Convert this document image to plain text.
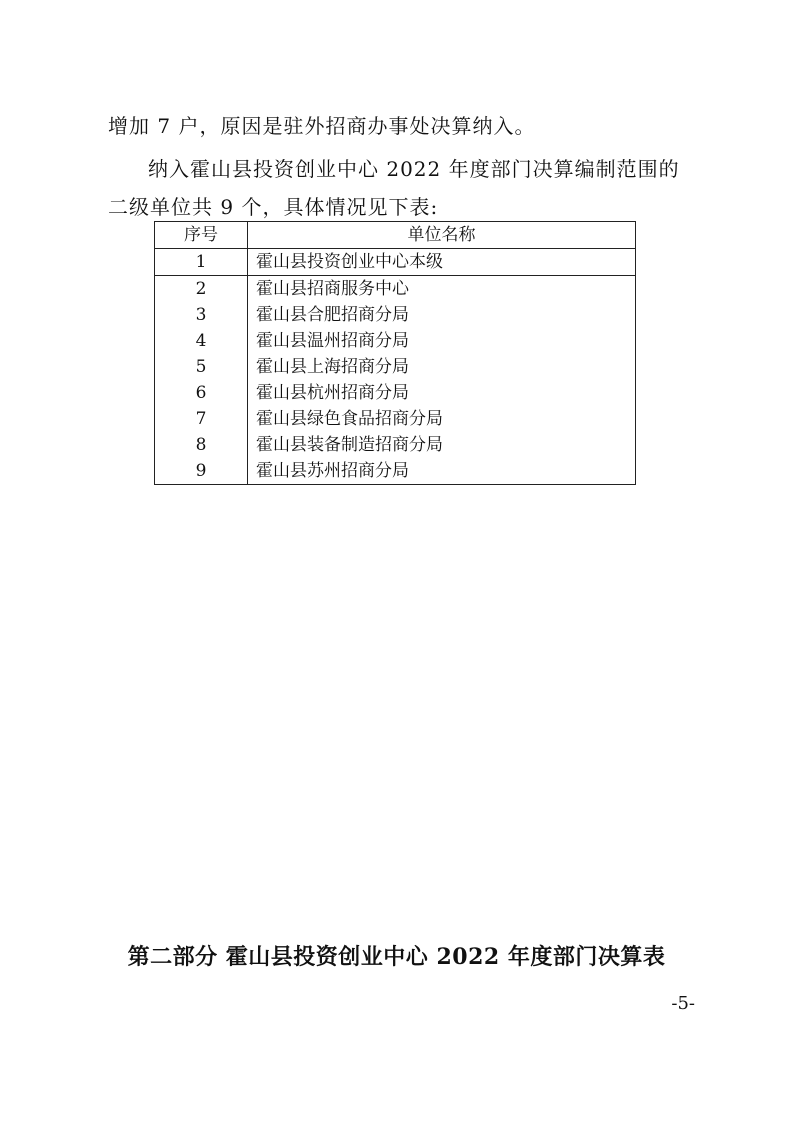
增加 7 户，原因是驻外招商办事处决算纳入。

纳入霍山县投资创业中心 2022 年度部门决算编制范围的二级单位共 9 个，具体情况见下表:

序号	单位名称
1	霍山县投资创业中心本级
2	霍山县招商服务中心
3	霍山县合肥招商分局
4	霍山县温州招商分局
5	霍山县上海招商分局
6	霍山县杭州招商分局
7	霍山县绿色食品招商分局
8	霍山县装备制造招商分局
9	霍山县苏州招商分局
第二部分 霍山县投资创业中心 2022 年度部门决算表
-5-
